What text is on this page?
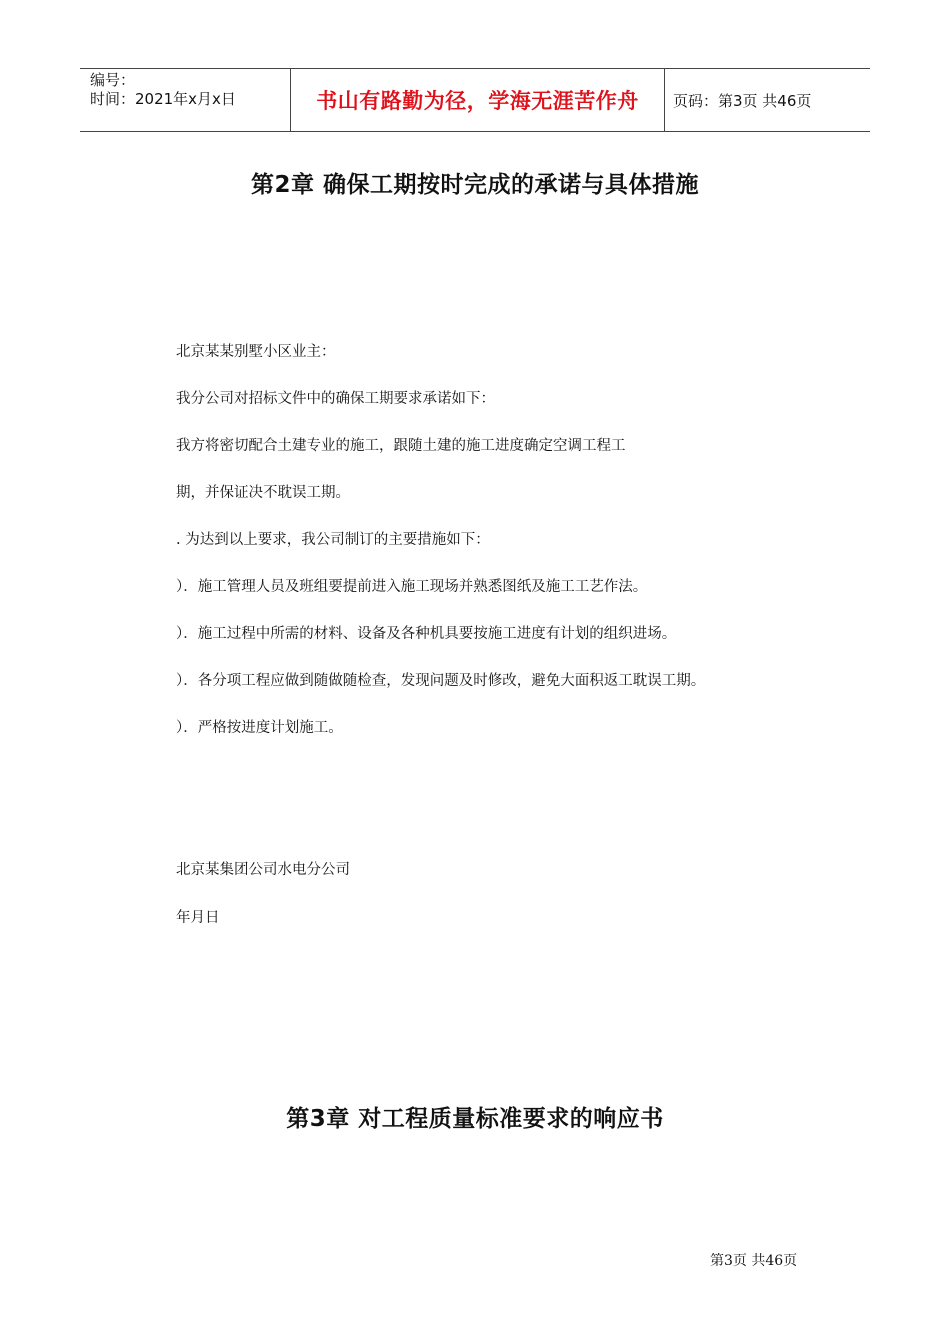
编号：
时间：2021年x月x日	书山有路勤为径，学海无涯苦作舟	页码：第3页 共46页
第2章 确保工期按时完成的承诺与具体措施
北京某某别墅小区业主：
我分公司对招标文件中的确保工期要求承诺如下：
我方将密切配合土建专业的施工，跟随土建的施工进度确定空调工程工
期，并保证决不耽误工期。
. 为达到以上要求，我公司制订的主要措施如下：
）．施工管理人员及班组要提前进入施工现场并熟悉图纸及施工工艺作法。
）．施工过程中所需的材料、设备及各种机具要按施工进度有计划的组织进场。
）．各分项工程应做到随做随检查，发现问题及时修改，避免大面积返工耽误工期。
）．严格按进度计划施工。
北京某集团公司水电分公司
年月日
第3章 对工程质量标准要求的响应书
第3页 共46页
